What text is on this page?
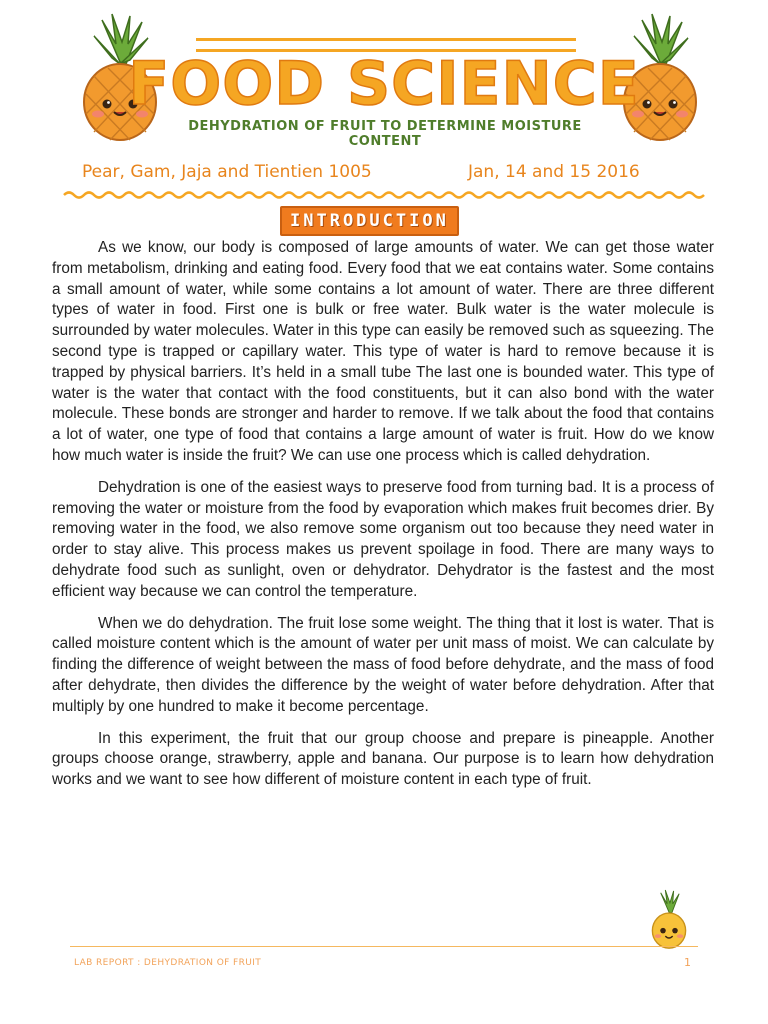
FOOD SCIENCE
DEHYDRATION OF FRUIT TO DETERMINE MOISTURE CONTENT
Pear, Gam, Jaja and Tientien 1005	Jan, 14 and 15 2016
INTRODUCTION

As we know, our body is composed of large amounts of water. We can get those water from metabolism, drinking and eating food. Every food that we eat contains water. Some contains a small amount of water, while some contains a lot amount of water. There are three different types of water in food. First one is bulk or free water. Bulk water is the water molecule is surrounded by water molecules. Water in this type can easily be removed such as squeezing. The second type is trapped or capillary water. This type of water is hard to remove because it is trapped by physical barriers. It’s held in a small tube The last one is bounded water. This type of water is the water that contact with the food constituents, but it can also bond with the water molecule. These bonds are stronger and harder to remove. If we talk about the food that contains a lot of water, one type of food that contains a large amount of water is fruit. How do we know how much water is inside the fruit? We can use one process which is called dehydration.

Dehydration is one of the easiest ways to preserve food from turning bad. It is a process of removing the water or moisture from the food by evaporation which makes fruit becomes drier. By removing water in the food, we also remove some organism out too because they need water in order to stay alive. This process makes us prevent spoilage in food. There are many ways to dehydrate food such as sunlight, oven or dehydrator. Dehydrator is the fastest and the most efficient way because we can control the temperature.

When we do dehydration. The fruit lose some weight. The thing that it lost is water. That is called moisture content which is the amount of water per unit mass of moist. We can calculate by finding the difference of weight between the mass of food before dehydrate, and the mass of food after dehydrate, then divides the difference by the weight of water before dehydration. After that multiply by one hundred to make it become percentage.

In this experiment, the fruit that our group choose and prepare is pineapple. Another groups choose orange, strawberry, apple and banana. Our purpose is to learn how dehydration works and we want to see how different of moisture content in each type of fruit.

LAB REPORT : DEHYDRATION OF FRUIT	1
